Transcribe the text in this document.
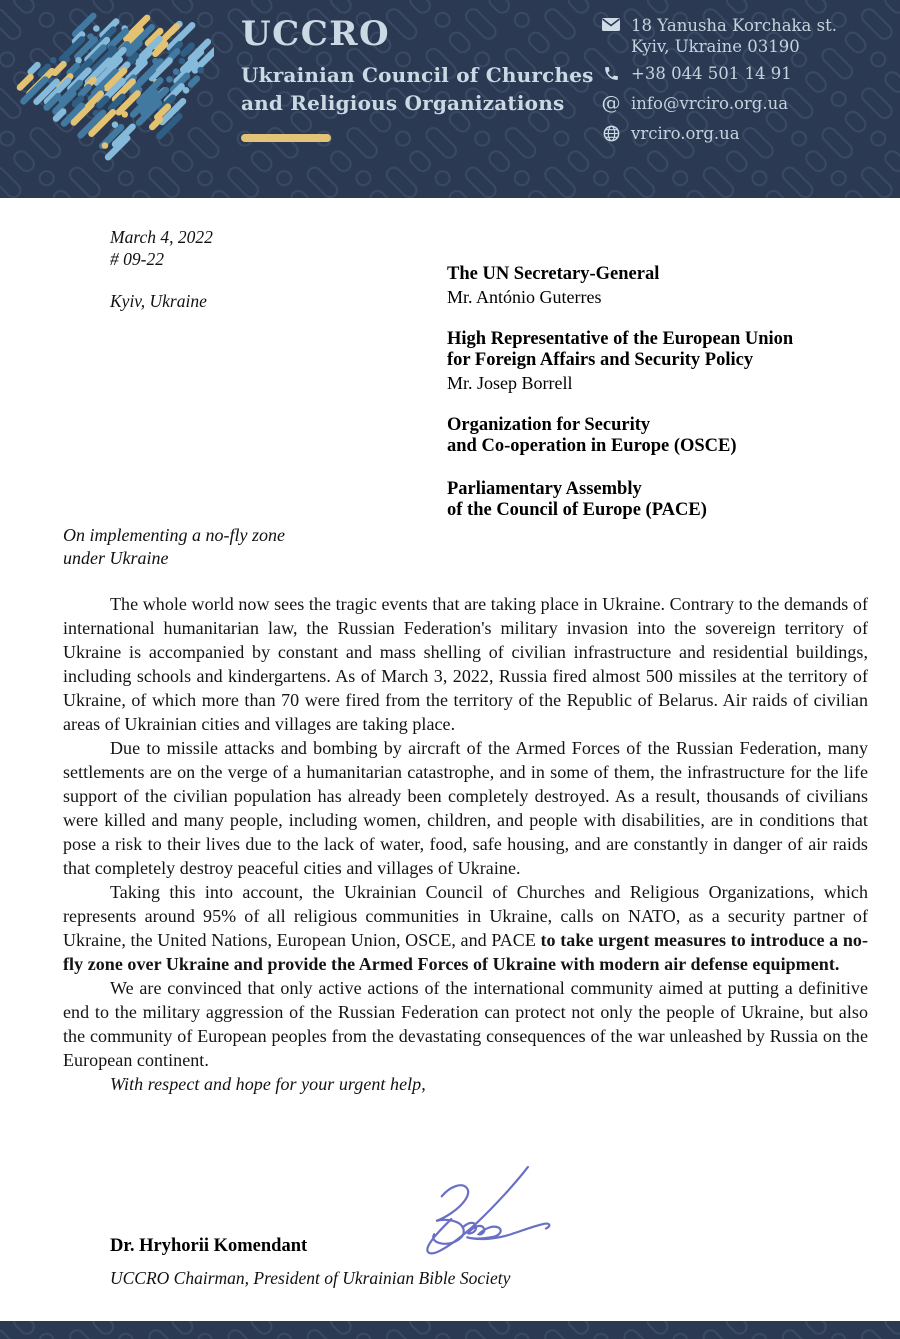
UCCRO
Ukrainian Council of Churches
and Religious Organizations
18 Yanusha Korchaka st.
Kyiv, Ukraine 03190
+38 044 501 14 91
@ info@vrciro.org.ua
vrciro.org.ua
March 4, 2022
# 09-22
Kyiv, Ukraine
The UN Secretary-General
Mr. António Guterres
High Representative of the European Union
for Foreign Affairs and Security Policy
Mr. Josep Borrell
Organization for Security
and Co-operation in Europe (OSCE)
Parliamentary Assembly
of the Council of Europe (PACE)
On implementing a no-fly zone
under Ukraine

The whole world now sees the tragic events that are taking place in Ukraine. Contrary to the demands of international humanitarian law, the Russian Federation's military invasion into the sovereign territory of Ukraine is accompanied by constant and mass shelling of civilian infrastructure and residential buildings, including schools and kindergartens. As of March 3, 2022, Russia fired almost 500 missiles at the territory of Ukraine, of which more than 70 were fired from the territory of the Republic of Belarus. Air raids of civilian areas of Ukrainian cities and villages are taking place.

Due to missile attacks and bombing by aircraft of the Armed Forces of the Russian Federation, many settlements are on the verge of a humanitarian catastrophe, and in some of them, the infrastructure for the life support of the civilian population has already been completely destroyed. As a result, thousands of civilians were killed and many people, including women, children, and people with disabilities, are in conditions that pose a risk to their lives due to the lack of water, food, safe housing, and are constantly in danger of air raids that completely destroy peaceful cities and villages of Ukraine.

Taking this into account, the Ukrainian Council of Churches and Religious Organizations, which represents around 95% of all religious communities in Ukraine, calls on NATO, as a security partner of Ukraine, the United Nations, European Union, OSCE, and PACE to take urgent measures to introduce a no-fly zone over Ukraine and provide the Armed Forces of Ukraine with modern air defense equipment.

We are convinced that only active actions of the international community aimed at putting a definitive end to the military aggression of the Russian Federation can protect not only the people of Ukraine, but also the community of European peoples from the devastating consequences of the war unleashed by Russia on the European continent.

With respect and hope for your urgent help,

Dr. Hryhorii Komendant
UCCRO Chairman, President of Ukrainian Bible Society
